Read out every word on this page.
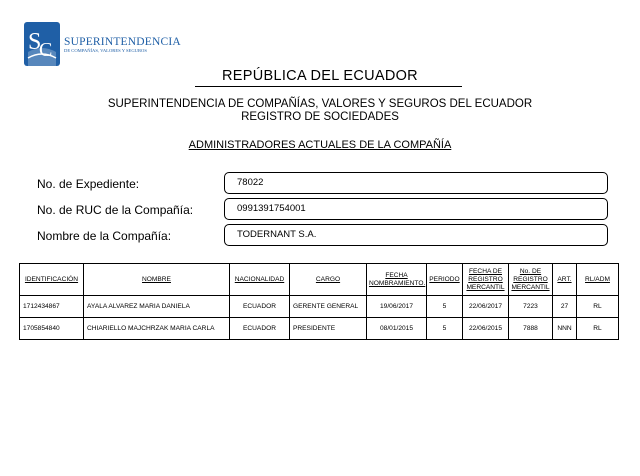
S
C SUPERINTENDENCIA
DE COMPAÑÍAS, VALORES Y SEGUROS
REPÚBLICA DEL ECUADOR
SUPERINTENDENCIA DE COMPAÑÍAS, VALORES Y SEGUROS DEL ECUADOR
REGISTRO DE SOCIEDADES
ADMINISTRADORES ACTUALES DE LA COMPAÑÍA
No. de Expediente:	78022
No. de RUC de la Compañía:	0991391754001
Nombre de la Compañía:	TODERNANT S.A.
IDENTIFICACIÓN	NOMBRE	NACIONALIDAD	CARGO	FECHA NOMBRAMIENTO.	PERIODO	FECHA DE REGISTRO MERCANTIL	No. DE REGISTRO MERCANTIL	ART.	RL/ADM
1712434867	AYALA ALVAREZ MARIA DANIELA	ECUADOR	GERENTE GENERAL	19/06/2017	5	22/06/2017	7223	27	RL
1705854840	CHIARIELLO MAJCHRZAK MARIA CARLA	ECUADOR	PRESIDENTE	08/01/2015	5	22/06/2015	7888	NNN	RL
